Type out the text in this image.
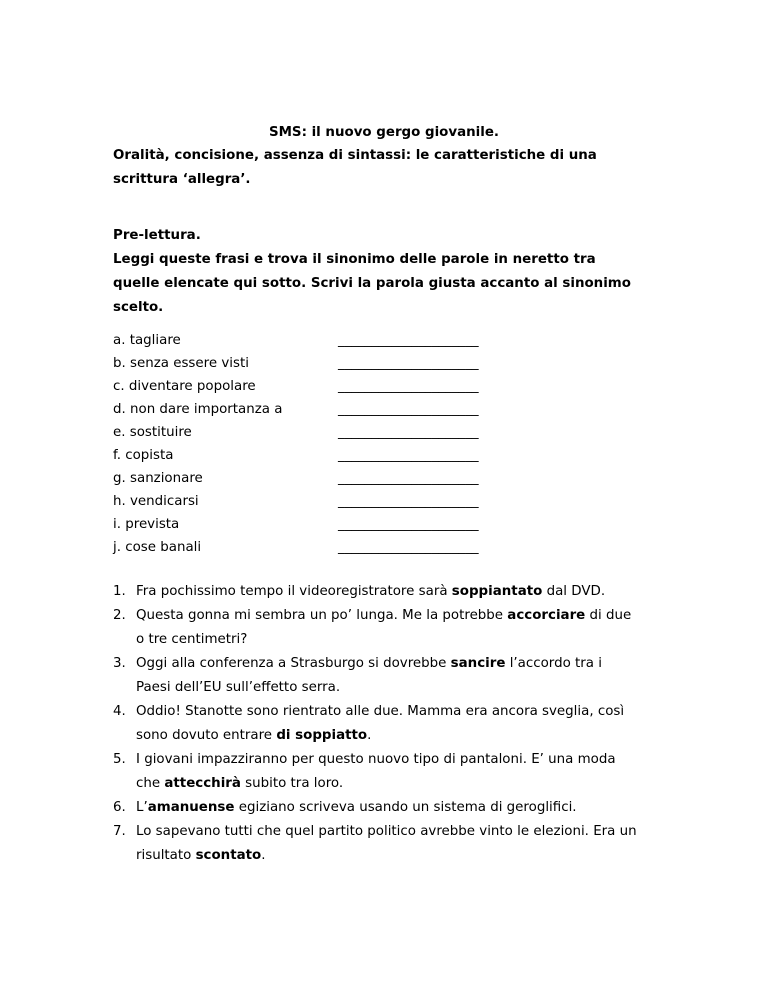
SMS: il nuovo gergo giovanile.
Oralità, concisione, assenza di sintassi: le caratteristiche di una
scrittura ‘allegra’.
Pre-lettura.
Leggi queste frasi e trova il sinonimo delle parole in neretto tra
quelle elencate qui sotto. Scrivi la parola giusta accanto al sinonimo
scelto.
a. tagliare	_____________________
b. senza essere visti	_____________________
c. diventare popolare	_____________________
d. non dare importanza a	_____________________
e. sostituire	_____________________
f. copista	_____________________
g. sanzionare	_____________________
h. vendicarsi	_____________________
i. prevista	_____________________
j. cose banali	_____________________
1. Fra pochissimo tempo il videoregistratore sarà soppiantato dal DVD.
2. Questa gonna mi sembra un po’ lunga. Me la potrebbe accorciare di due
o tre centimetri?
3. Oggi alla conferenza a Strasburgo si dovrebbe sancire l’accordo tra i
Paesi dell’EU sull’effetto serra.
4. Oddio! Stanotte sono rientrato alle due. Mamma era ancora sveglia, così
sono dovuto entrare di soppiatto.
5. I giovani impazziranno per questo nuovo tipo di pantaloni. E’ una moda
che attecchirà subito tra loro.
6. L’amanuense egiziano scriveva usando un sistema di geroglifici.
7. Lo sapevano tutti che quel partito politico avrebbe vinto le elezioni. Era un
risultato scontato.
